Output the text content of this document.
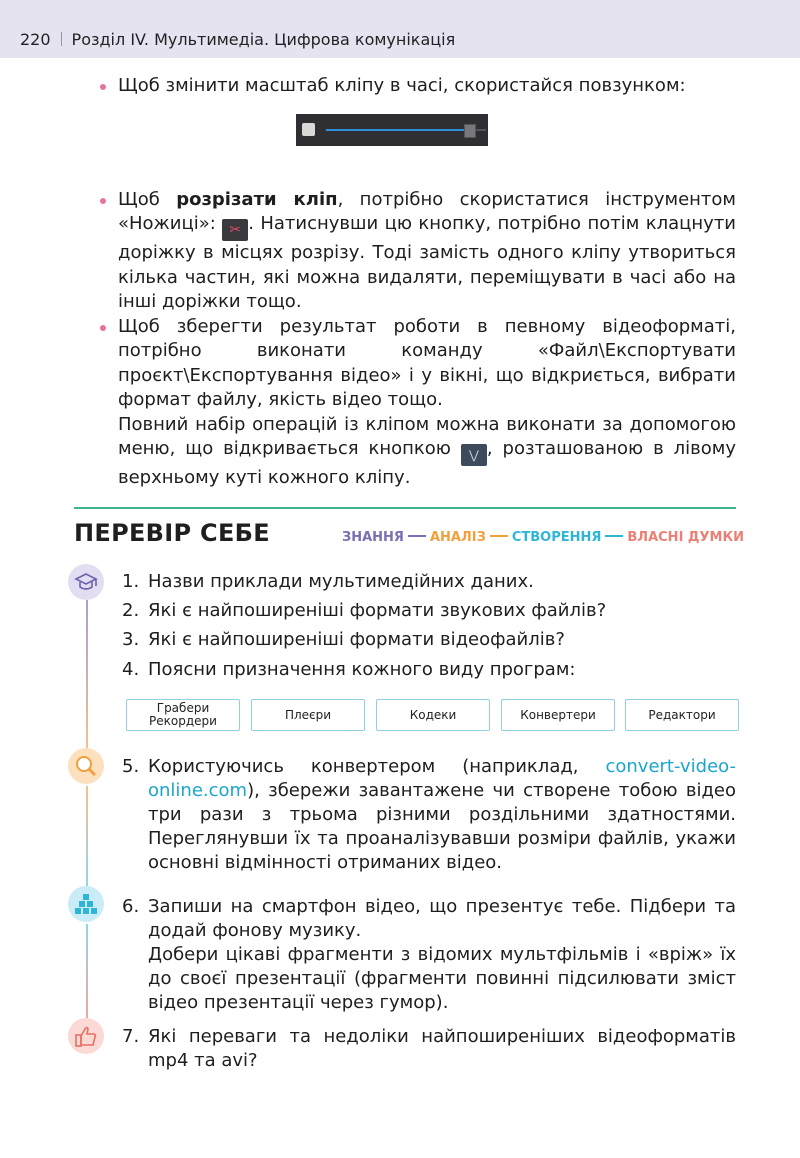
220 Розділ IV. Мультимедіа. Цифрова комунікація
Щоб змінити масштаб кліпу в часі, скористайся повзунком:
Щоб розрізати кліп, потрібно скористатися інструментом «Ножиці»: ✂ . Натиснувши цю кнопку, потрібно потім клацнути доріжку в місцях розрізу. Тоді замість одного кліпу утвориться кілька частин, які можна видаляти, переміщувати в часі або на інші доріжки тощо.
Щоб зберегти результат роботи в певному відеоформаті, потрібно виконати команду «Файл\Експортувати проєкт\Експортування відео» і у вікні, що відкриється, вибрати формат файлу, якість відео тощо.
Повний набір операцій із кліпом можна виконати за допомогою меню, що відкривається кнопкою ⋁ , розташованою в лівому верхньому куті кожного кліпу.
ПЕРЕВІР СЕБЕ	ЗНАННЯ АНАЛІЗ СТВОРЕННЯ ВЛАСНІ ДУМКИ
1. Назви приклади мультимедійних даних.
2. Які є найпоширеніші формати звукових файлів?
3. Які є найпоширеніші формати відеофайлів?
4. Поясни призначення кожного виду програм:
Грабери Рекордери	Плеєри	Кодеки	Конвертери	Редактори
5. Користуючись конвертером (наприклад, convert-video-online.com), збережи завантажене чи створене тобою відео три рази з трьома різними роздільними здатностями. Переглянувши їх та проаналізувавши розміри файлів, укажи основні відмінності отриманих відео.
6. Запиши на смартфон відео, що презентує тебе. Підбери та додай фонову музику.
Добери цікаві фрагменти з відомих мультфільмів і «вріж» їх до своєї презентації (фрагменти повинні підсилювати зміст відео презентації через гумор).
7. Які переваги та недоліки найпоширеніших відеоформатів mp4 та avi?
